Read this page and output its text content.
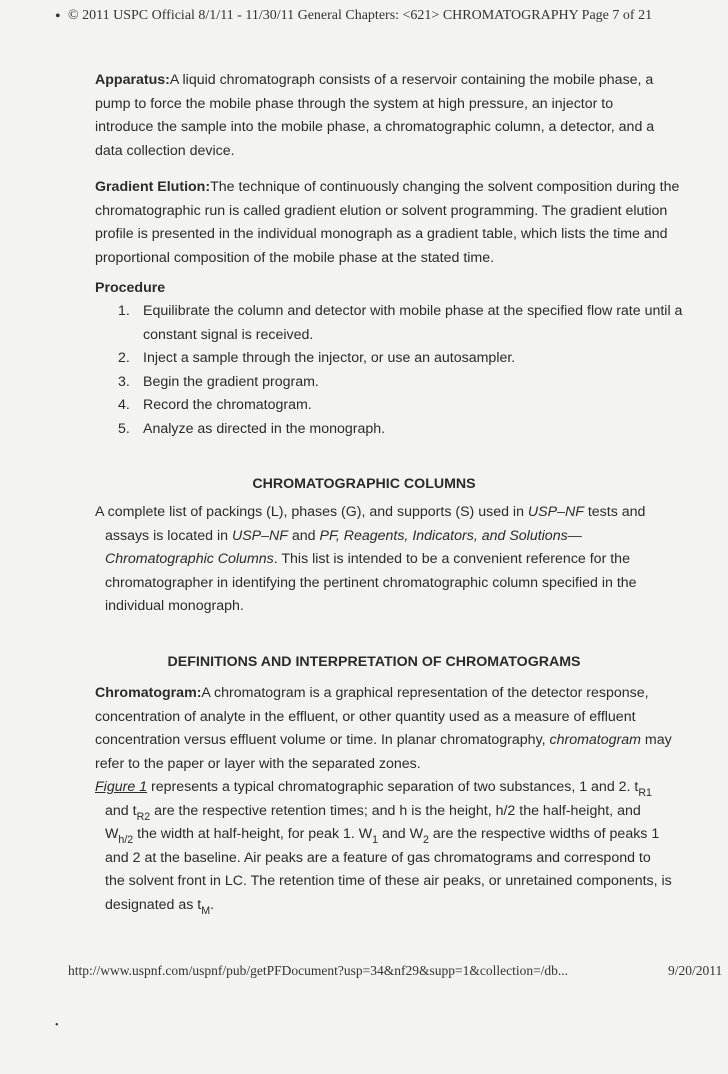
• © 2011 USPC Official 8/1/11 - 11/30/11 General Chapters: <621> CHROMATOGRAPHY Page 7 of 21
Apparatus:A liquid chromatograph consists of a reservoir containing the mobile phase, a
pump to force the mobile phase through the system at high pressure, an injector to
introduce the sample into the mobile phase, a chromatographic column, a detector, and a
data collection device.
Gradient Elution:The technique of continuously changing the solvent composition during the
chromatographic run is called gradient elution or solvent programming. The gradient elution
profile is presented in the individual monograph as a gradient table, which lists the time and
proportional composition of the mobile phase at the stated time.
Procedure
1. Equilibrate the column and detector with mobile phase at the specified flow rate until a
constant signal is received.
2. Inject a sample through the injector, or use an autosampler.
3. Begin the gradient program.
4. Record the chromatogram.
5. Analyze as directed in the monograph.
CHROMATOGRAPHIC COLUMNS
A complete list of packings (L), phases (G), and supports (S) used in USP–NF tests and
assays is located in USP–NF and PF, Reagents, Indicators, and Solutions—
Chromatographic Columns. This list is intended to be a convenient reference for the
chromatographer in identifying the pertinent chromatographic column specified in the
individual monograph.
DEFINITIONS AND INTERPRETATION OF CHROMATOGRAMS
Chromatogram:A chromatogram is a graphical representation of the detector response,
concentration of analyte in the effluent, or other quantity used as a measure of effluent
concentration versus effluent volume or time. In planar chromatography, chromatogram may
refer to the paper or layer with the separated zones.
Figure 1 represents a typical chromatographic separation of two substances, 1 and 2. $t_{R1}$
and $t_{R2}$ are the respective retention times; and h is the height, h/2 the half-height, and
$W_{h/2}$ the width at half-height, for peak 1. $W_1$ and $W_2$ are the respective widths of peaks 1
and 2 at the baseline. Air peaks are a feature of gas chromatograms and correspond to
the solvent front in LC. The retention time of these air peaks, or unretained components, is
designated as $t_M$.
http://www.uspnf.com/uspnf/pub/getPFDocument?usp=34&nf29&supp=1&collection=/db...	9/20/2011
•
